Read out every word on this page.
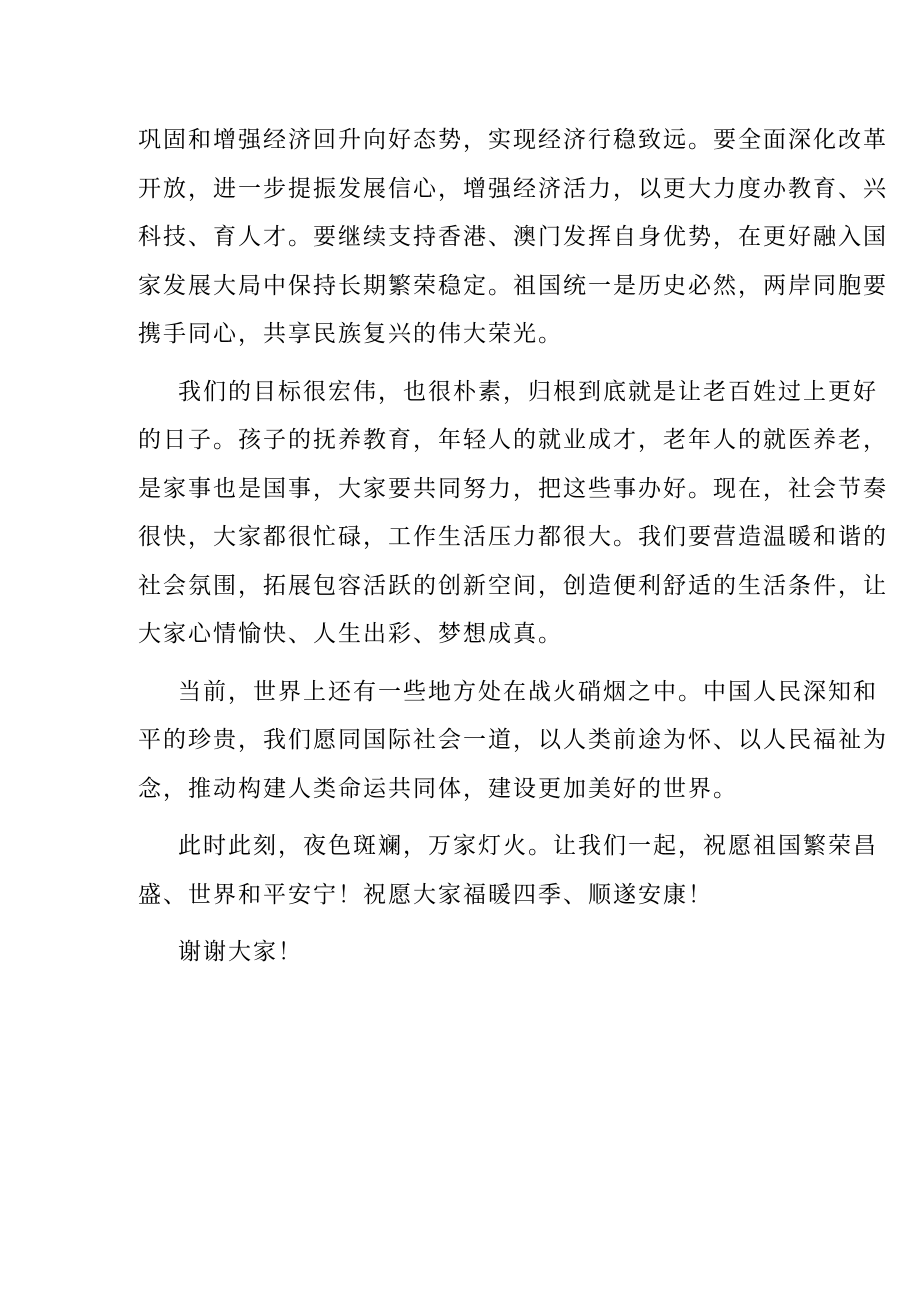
巩固和增强经济回升向好态势，实现经济行稳致远。要全面深化改革
开放，进一步提振发展信心，增强经济活力，以更大力度办教育、兴
科技、育人才。要继续支持香港、澳门发挥自身优势，在更好融入国
家发展大局中保持长期繁荣稳定。祖国统一是历史必然，两岸同胞要
携手同心，共享民族复兴的伟大荣光。

我们的目标很宏伟，也很朴素，归根到底就是让老百姓过上更好
的日子。孩子的抚养教育，年轻人的就业成才，老年人的就医养老，
是家事也是国事，大家要共同努力，把这些事办好。现在，社会节奏
很快，大家都很忙碌，工作生活压力都很大。我们要营造温暖和谐的
社会氛围，拓展包容活跃的创新空间，创造便利舒适的生活条件，让
大家心情愉快、人生出彩、梦想成真。

当前，世界上还有一些地方处在战火硝烟之中。中国人民深知和
平的珍贵，我们愿同国际社会一道，以人类前途为怀、以人民福祉为
念，推动构建人类命运共同体，建设更加美好的世界。

此时此刻，夜色斑斓，万家灯火。让我们一起，祝愿祖国繁荣昌
盛、世界和平安宁！祝愿大家福暖四季、顺遂安康！

谢谢大家！
